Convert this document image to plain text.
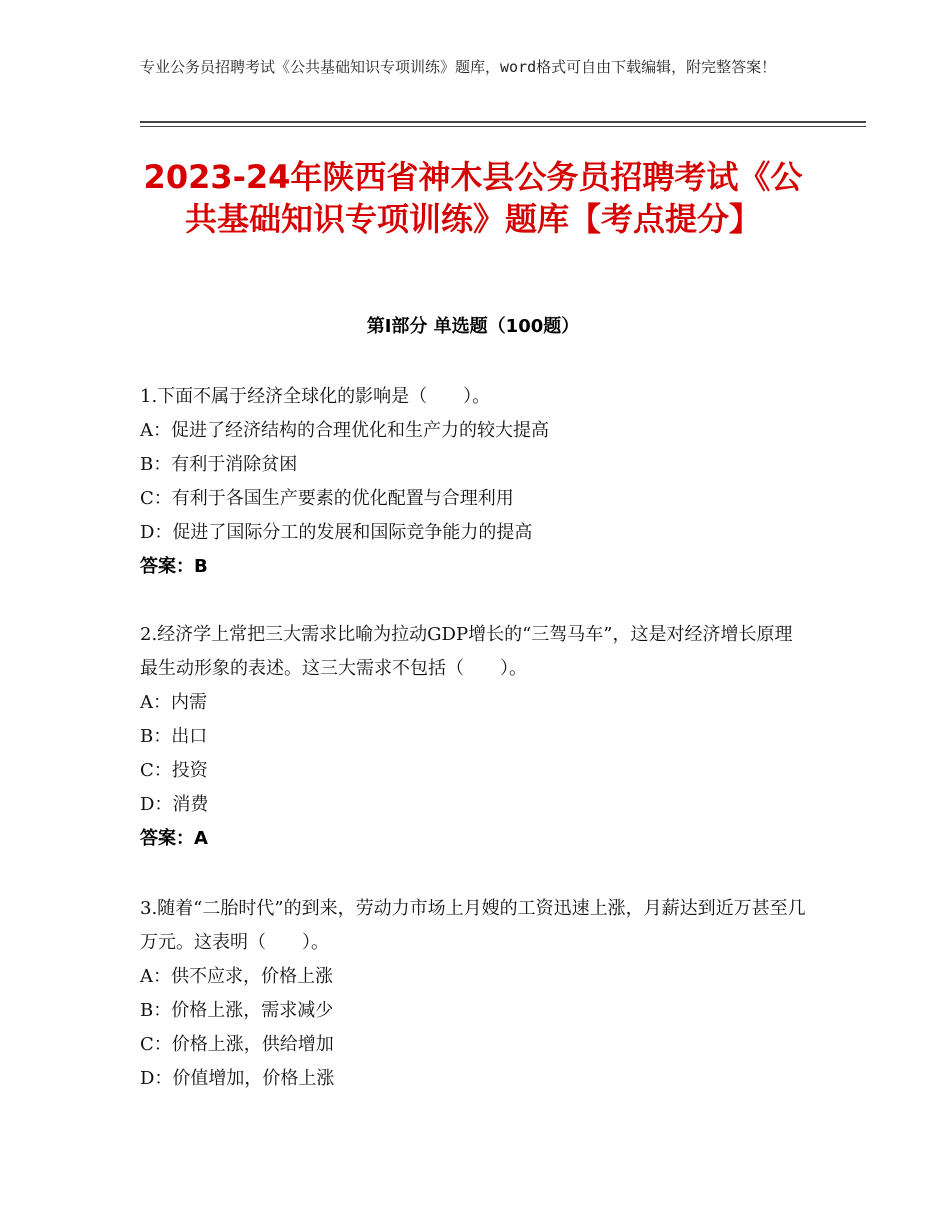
专业公务员招聘考试《公共基础知识专项训练》题库，word格式可自由下载编辑，附完整答案！
2023-24年陕西省神木县公务员招聘考试《公共基础知识专项训练》题库【考点提分】
第Ⅰ部分 单选题（100题）

1.下面不属于经济全球化的影响是（　　）。

A：促进了经济结构的合理优化和生产力的较大提高

B：有利于消除贫困

C：有利于各国生产要素的优化配置与合理利用

D：促进了国际分工的发展和国际竞争能力的提高

答案：B

2.经济学上常把三大需求比喻为拉动GDP增长的“三驾马车”，这是对经济增长原理最生动形象的表述。这三大需求不包括（　　）。

A：内需

B：出口

C：投资

D：消费

答案：A

3.随着“二胎时代”的到来，劳动力市场上月嫂的工资迅速上涨，月薪达到近万甚至几万元。这表明（　　）。

A：供不应求，价格上涨

B：价格上涨，需求减少

C：价格上涨，供给增加

D：价值增加，价格上涨
